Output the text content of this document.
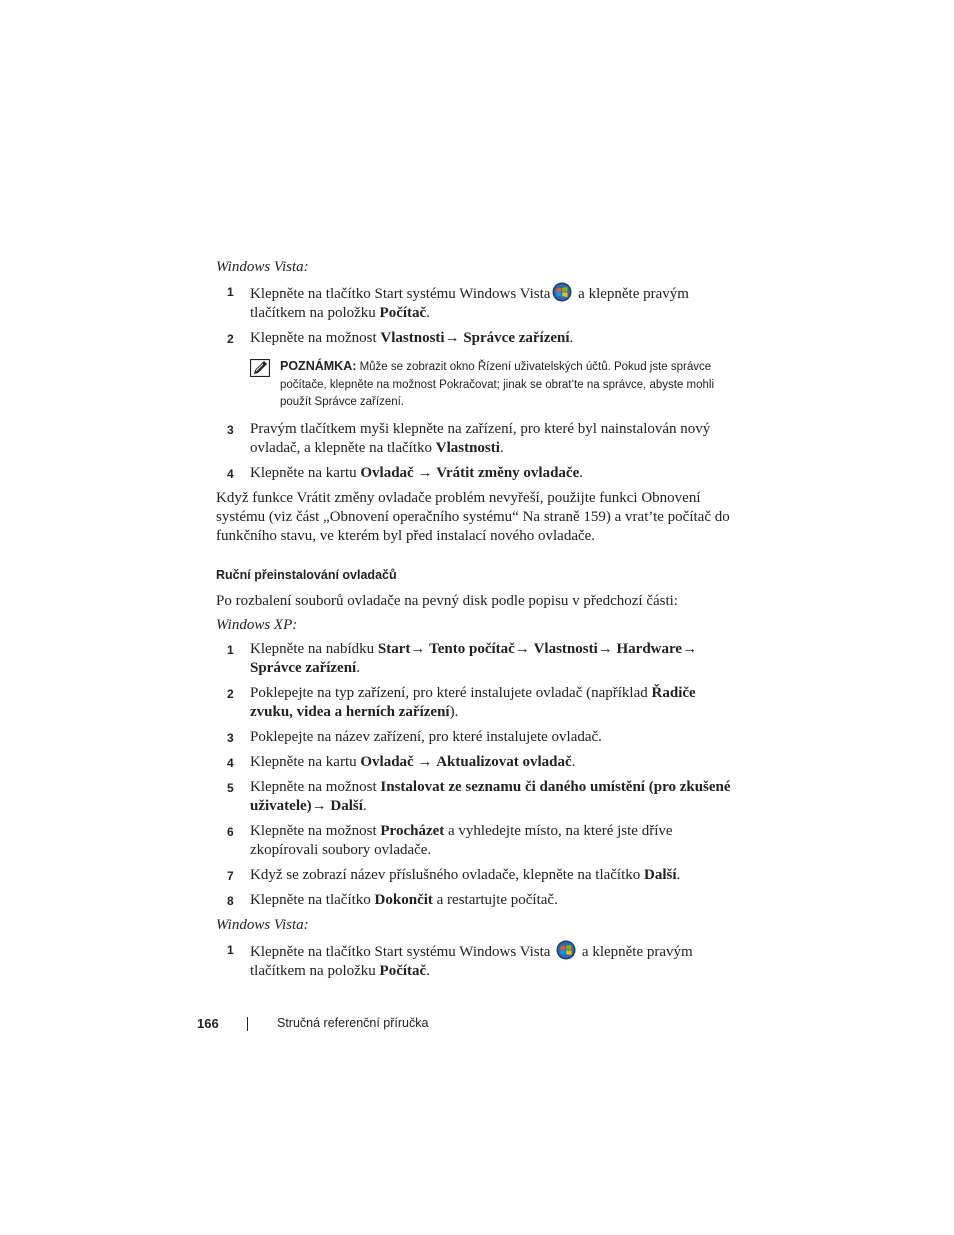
Windows Vista:

1 Klepněte na tlačítko Start systému Windows Vista a klepněte pravým tlačítkem na položku Počítač.
2 Klepněte na možnost Vlastnosti→ Správce zařízení.
POZNÁMKA: Může se zobrazit okno Řízení uživatelských účtů. Pokud jste správce počítače, klepněte na možnost Pokračovat; jinak se obrat’te na správce, abyste mohli použít Správce zařízení.
3 Pravým tlačítkem myši klepněte na zařízení, pro které byl nainstalován nový ovladač, a klepněte na tlačítko Vlastnosti.
4 Klepněte na kartu Ovladač → Vrátit změny ovladače.

Když funkce Vrátit změny ovladače problém nevyřeší, použijte funkci Obnovení systému (viz část „Obnovení operačního systému“ Na straně 159) a vrat’te počítač do funkčního stavu, ve kterém byl před instalací nového ovladače.

Ruční přeinstalování ovladačů

Po rozbalení souborů ovladače na pevný disk podle popisu v předchozí části:

Windows XP:

1 Klepněte na nabídku Start→ Tento počítač→ Vlastnosti→ Hardware→ Správce zařízení.
2 Poklepejte na typ zařízení, pro které instalujete ovladač (například Řadiče zvuku, videa a herních zařízení).
3 Poklepejte na název zařízení, pro které instalujete ovladač.
4 Klepněte na kartu Ovladač → Aktualizovat ovladač.
5 Klepněte na možnost Instalovat ze seznamu či daného umístění (pro zkušené uživatele)→ Další.
6 Klepněte na možnost Procházet a vyhledejte místo, na které jste dříve zkopírovali soubory ovladače.
7 Když se zobrazí název příslušného ovladače, klepněte na tlačítko Další.
8 Klepněte na tlačítko Dokončit a restartujte počítač.

Windows Vista:

1 Klepněte na tlačítko Start systému Windows Vista  a klepněte pravým tlačítkem na položku Počítač.
166	Stručná referenční příručka
